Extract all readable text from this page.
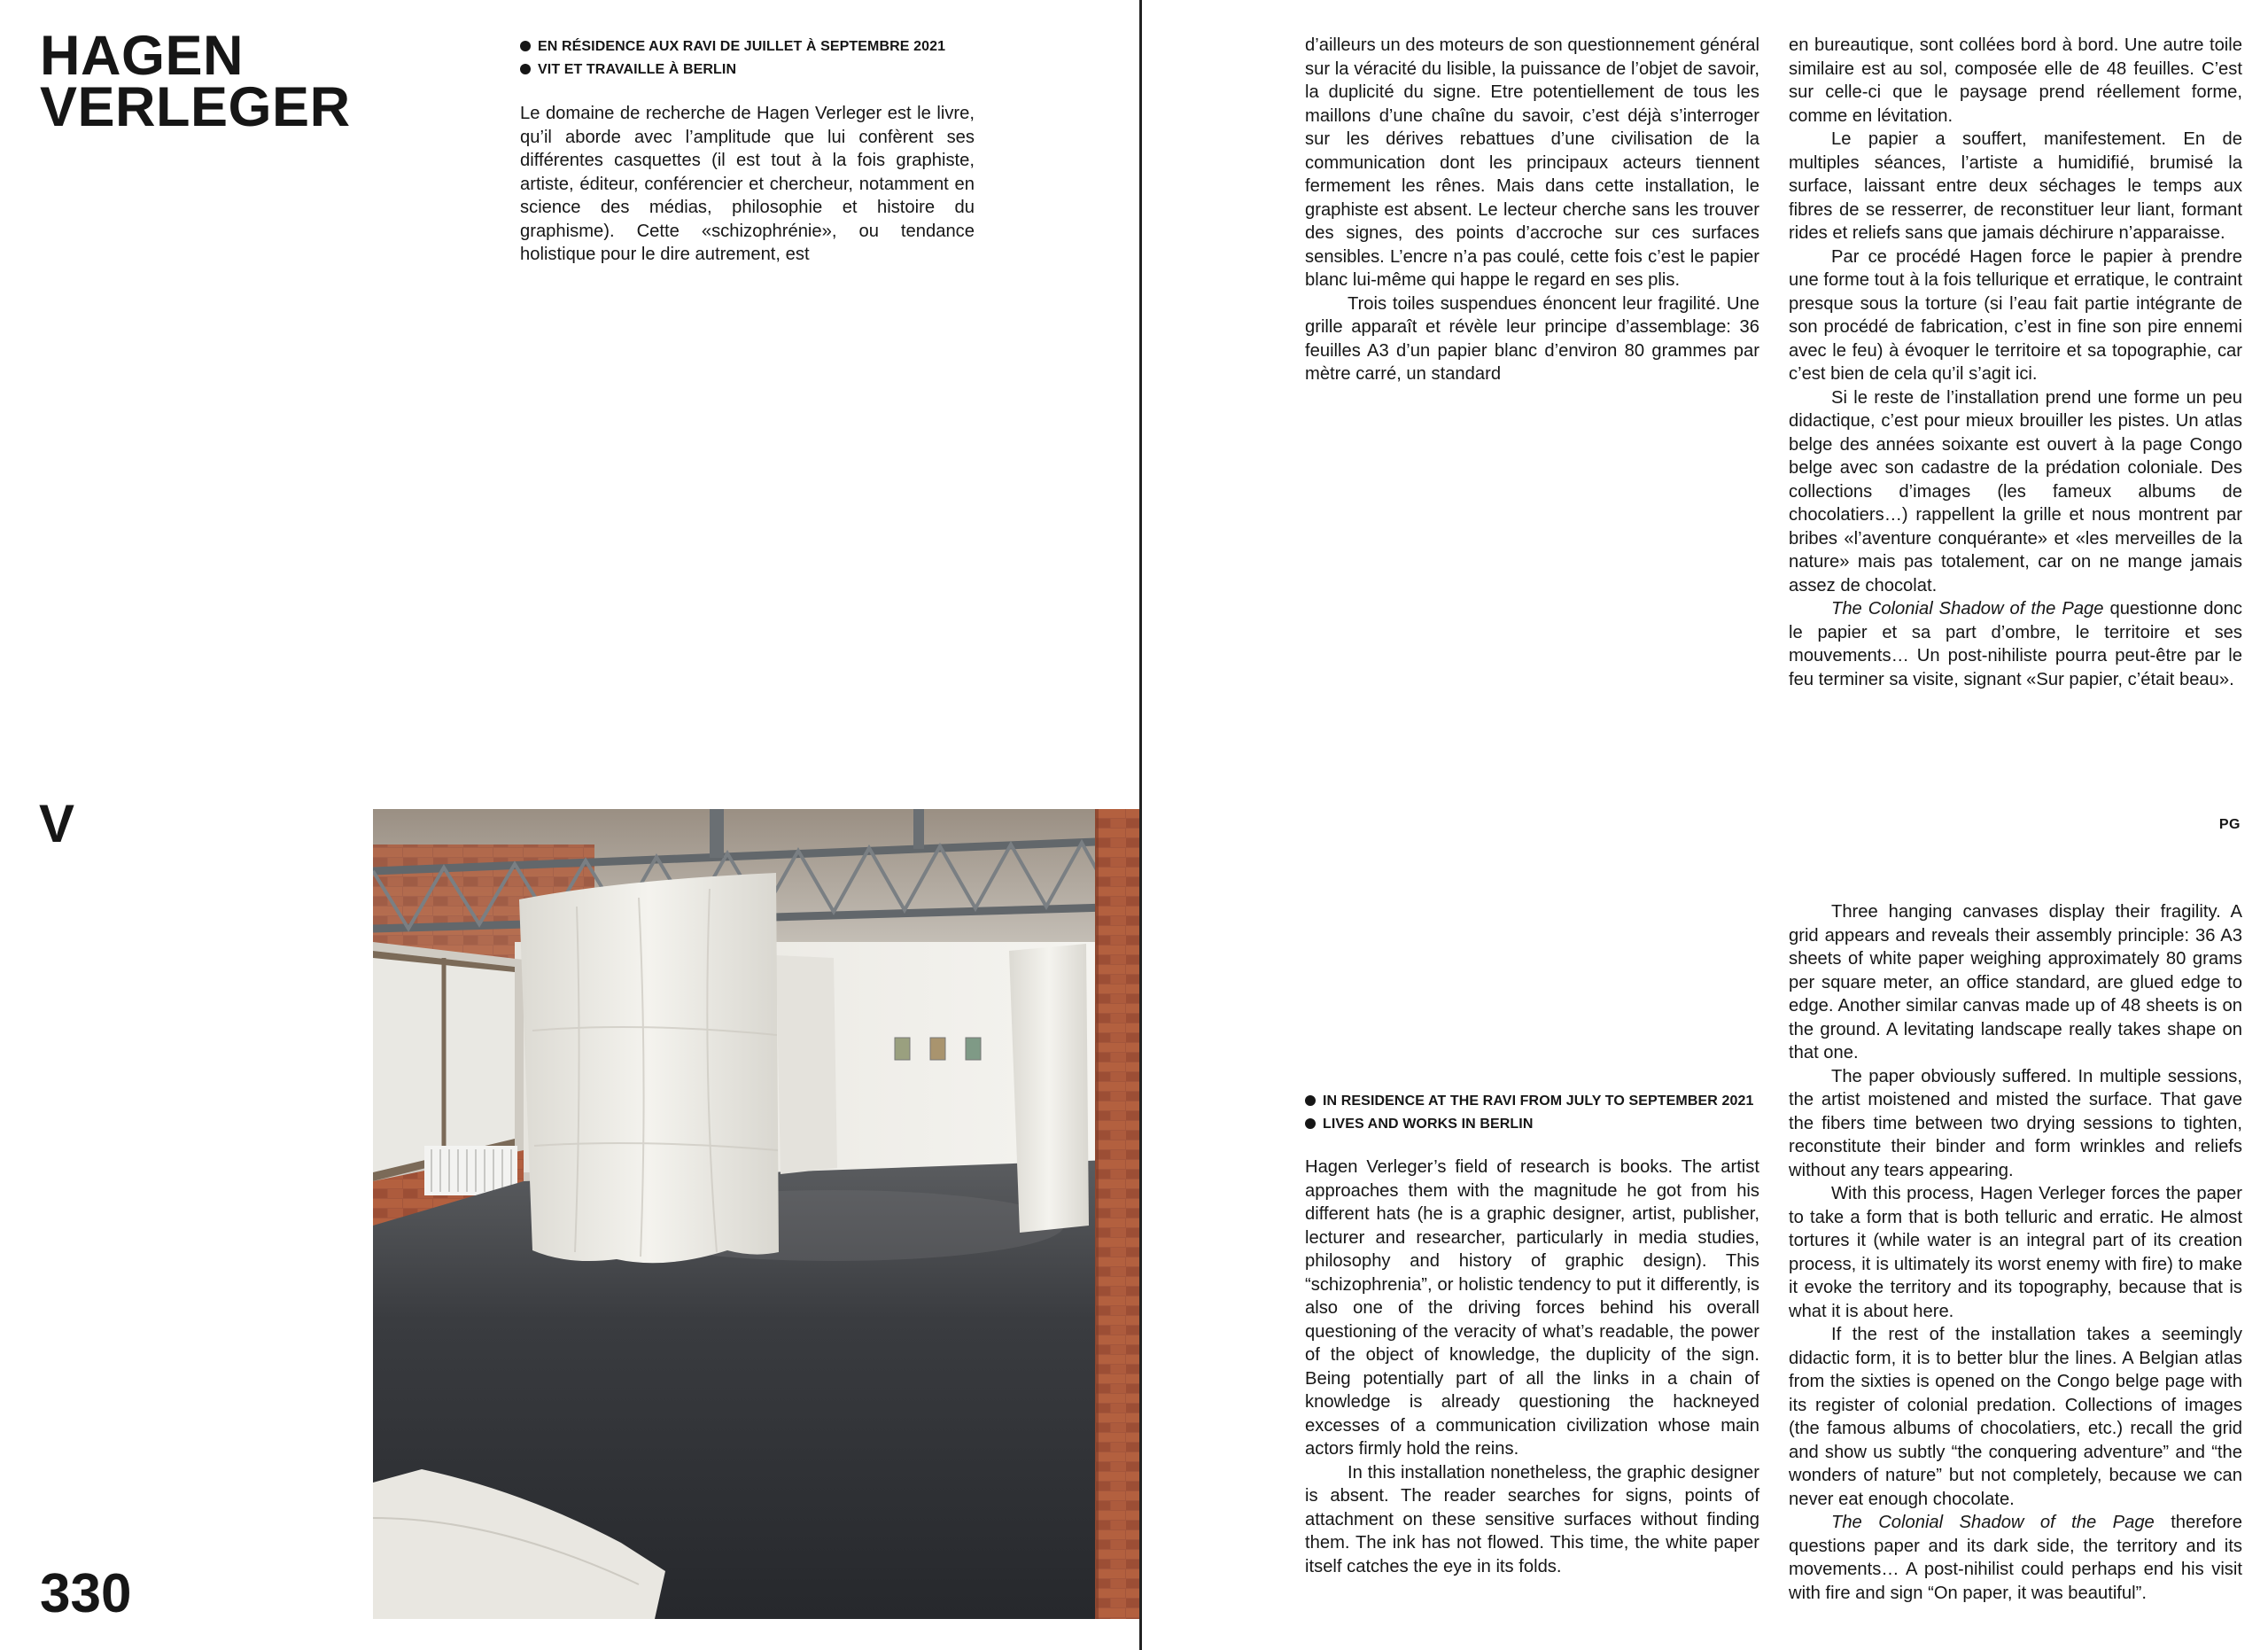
HAGEN
VERLEGER
EN RÉSIDENCE AUX RAVI DE JUILLET À SEPTEMBRE 2021
VIT ET TRAVAILLE À BERLIN

Le domaine de recherche de Hagen Verleger est le livre, qu’il aborde avec l’amplitude que lui confèrent ses différentes casquettes (il est tout à la fois graphiste, artiste, éditeur, conférencier et chercheur, notamment en science des médias, philosophie et histoire du graphisme). Cette «schizophrénie», ou tendance holistique pour le dire autrement, est

V
330

d’ailleurs un des moteurs de son questionnement général sur la véracité du lisible, la puissance de l’objet de savoir, la duplicité du signe. Etre potentiellement de tous les maillons d’une chaîne du savoir, c’est déjà s’interroger sur les dérives rebattues d’une civilisation de la communication dont les principaux acteurs tiennent fermement les rênes. Mais dans cette installation, le graphiste est absent. Le lecteur cherche sans les trouver des signes, des points d’accroche sur ces surfaces sensibles. L’encre n’a pas coulé, cette fois c’est le papier blanc lui-même qui happe le regard en ses plis.

Trois toiles suspendues énoncent leur fragilité. Une grille apparaît et révèle leur principe d’assemblage: 36 feuilles A3 d’un papier blanc d’environ 80 grammes par mètre carré, un standard

en bureautique, sont collées bord à bord. Une autre toile similaire est au sol, composée elle de 48 feuilles. C’est sur celle-ci que le paysage prend réellement forme, comme en lévitation.

Le papier a souffert, manifestement. En de multiples séances, l’artiste a humidifié, brumisé la surface, laissant entre deux séchages le temps aux fibres de se resserrer, de reconstituer leur liant, formant rides et reliefs sans que jamais déchirure n’apparaisse.

Par ce procédé Hagen force le papier à prendre une forme tout à la fois tellurique et erratique, le contraint presque sous la torture (si l’eau fait partie intégrante de son procédé de fabrication, c’est in fine son pire ennemi avec le feu) à évoquer le territoire et sa topographie, car c’est bien de cela qu’il s’agit ici.

Si le reste de l’installation prend une forme un peu didactique, c’est pour mieux brouiller les pistes. Un atlas belge des années soixante est ouvert à la page Congo belge avec son cadastre de la prédation coloniale. Des collections d’images (les fameux albums de chocolatiers…) rappellent la grille et nous montrent par bribes «l’aventure conquérante» et «les merveilles de la nature» mais pas totalement, car on ne mange jamais assez de chocolat.

The Colonial Shadow of the Page questionne donc le papier et sa part d’ombre, le territoire et ses mouvements… Un post-nihiliste pourra peut-être par le feu terminer sa visite, signant «Sur papier, c’était beau».

PG
IN RESIDENCE AT THE RAVI FROM JULY TO SEPTEMBER 2021
LIVES AND WORKS IN BERLIN

Hagen Verleger’s field of research is books. The artist approaches them with the magnitude he got from his different hats (he is a graphic designer, artist, publisher, lecturer and researcher, particularly in media studies, philosophy and history of graphic design). This “schizophrenia”, or holistic tendency to put it differently, is also one of the driving forces behind his overall questioning of the veracity of what’s readable, the power of the object of knowledge, the duplicity of the sign. Being potentially part of all the links in a chain of knowledge is already questioning the hackneyed excesses of a communication civilization whose main actors firmly hold the reins.

In this installation nonetheless, the graphic designer is absent. The reader searches for signs, points of attachment on these sensitive surfaces without finding them. The ink has not flowed. This time, the white paper itself catches the eye in its folds.

Three hanging canvases display their fragility. A grid appears and reveals their assembly principle: 36 A3 sheets of white paper weighing approximately 80 grams per square meter, an office standard, are glued edge to edge. Another similar canvas made up of 48 sheets is on the ground. A levitating landscape really takes shape on that one.

The paper obviously suffered. In multiple sessions, the artist moistened and misted the surface. That gave the fibers time between two drying sessions to tighten, reconstitute their binder and form wrinkles and reliefs without any tears appearing.

With this process, Hagen Verleger forces the paper to take a form that is both telluric and erratic. He almost tortures it (while water is an integral part of its creation process, it is ultimately its worst enemy with fire) to make it evoke the territory and its topography, because that is what it is about here.

If the rest of the installation takes a seemingly didactic form, it is to better blur the lines. A Belgian atlas from the sixties is opened on the Congo belge page with its register of colonial predation. Collections of images (the famous albums of chocolatiers, etc.) recall the grid and show us subtly “the conquering adventure” and “the wonders of nature” but not completely, because we can never eat enough chocolate.

The Colonial Shadow of the Page therefore questions paper and its dark side, the territory and its movements… A post-nihilist could perhaps end his visit with fire and sign “On paper, it was beautiful”.
